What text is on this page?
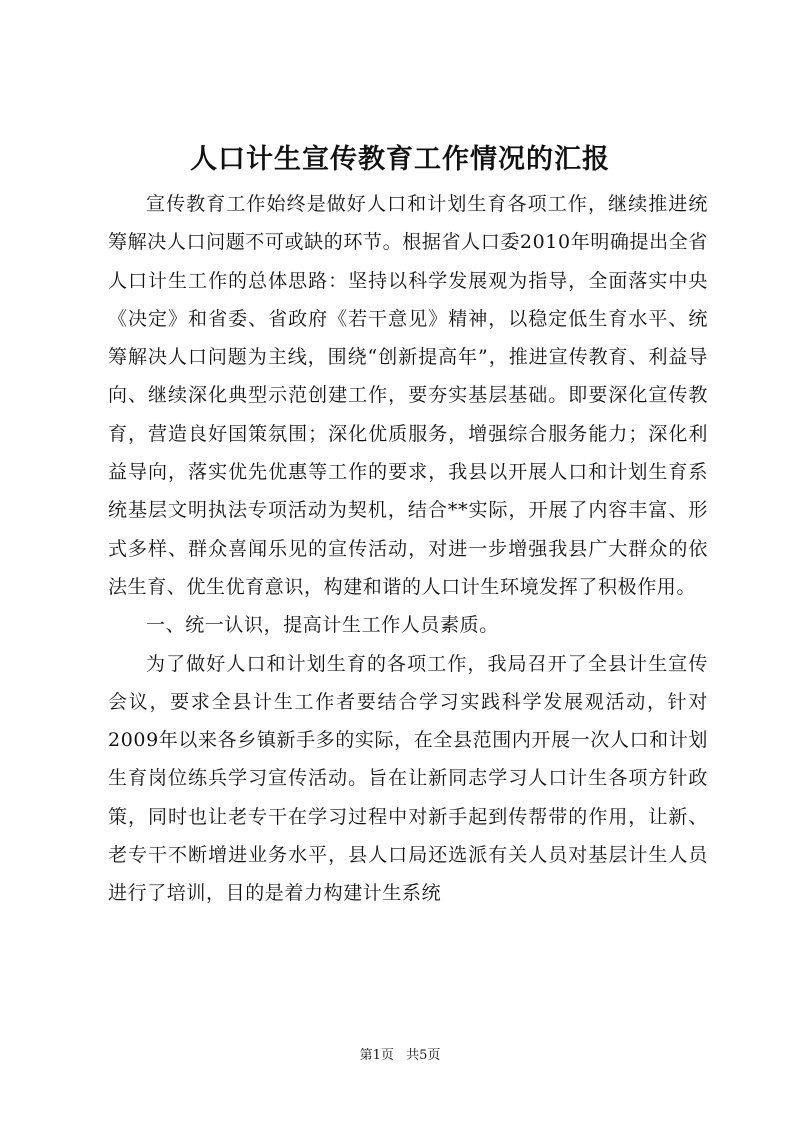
人口计生宣传教育工作情况的汇报

宣传教育工作始终是做好人口和计划生育各项工作，继续推进统筹解决人口问题不可或缺的环节。根据省人口委2010年明确提出全省人口计生工作的总体思路：坚持以科学发展观为指导，全面落实中央《决定》和省委、省政府《若干意见》精神，以稳定低生育水平、统筹解决人口问题为主线，围绕“创新提高年”，推进宣传教育、利益导向、继续深化典型示范创建工作，要夯实基层基础。即要深化宣传教育，营造良好国策氛围；深化优质服务，增强综合服务能力；深化利益导向，落实优先优惠等工作的要求，我县以开展人口和计划生育系统基层文明执法专项活动为契机，结合**实际，开展了内容丰富、形式多样、群众喜闻乐见的宣传活动，对进一步增强我县广大群众的依法生育、优生优育意识，构建和谐的人口计生环境发挥了积极作用。

一、统一认识，提高计生工作人员素质。

为了做好人口和计划生育的各项工作，我局召开了全县计生宣传会议，要求全县计生工作者要结合学习实践科学发展观活动，针对2009年以来各乡镇新手多的实际，在全县范围内开展一次人口和计划生育岗位练兵学习宣传活动。旨在让新同志学习人口计生各项方针政策，同时也让老专干在学习过程中对新手起到传帮带的作用，让新、老专干不断增进业务水平，县人口局还选派有关人员对基层计生人员进行了培训，目的是着力构建计生系统

第1页 共5页
